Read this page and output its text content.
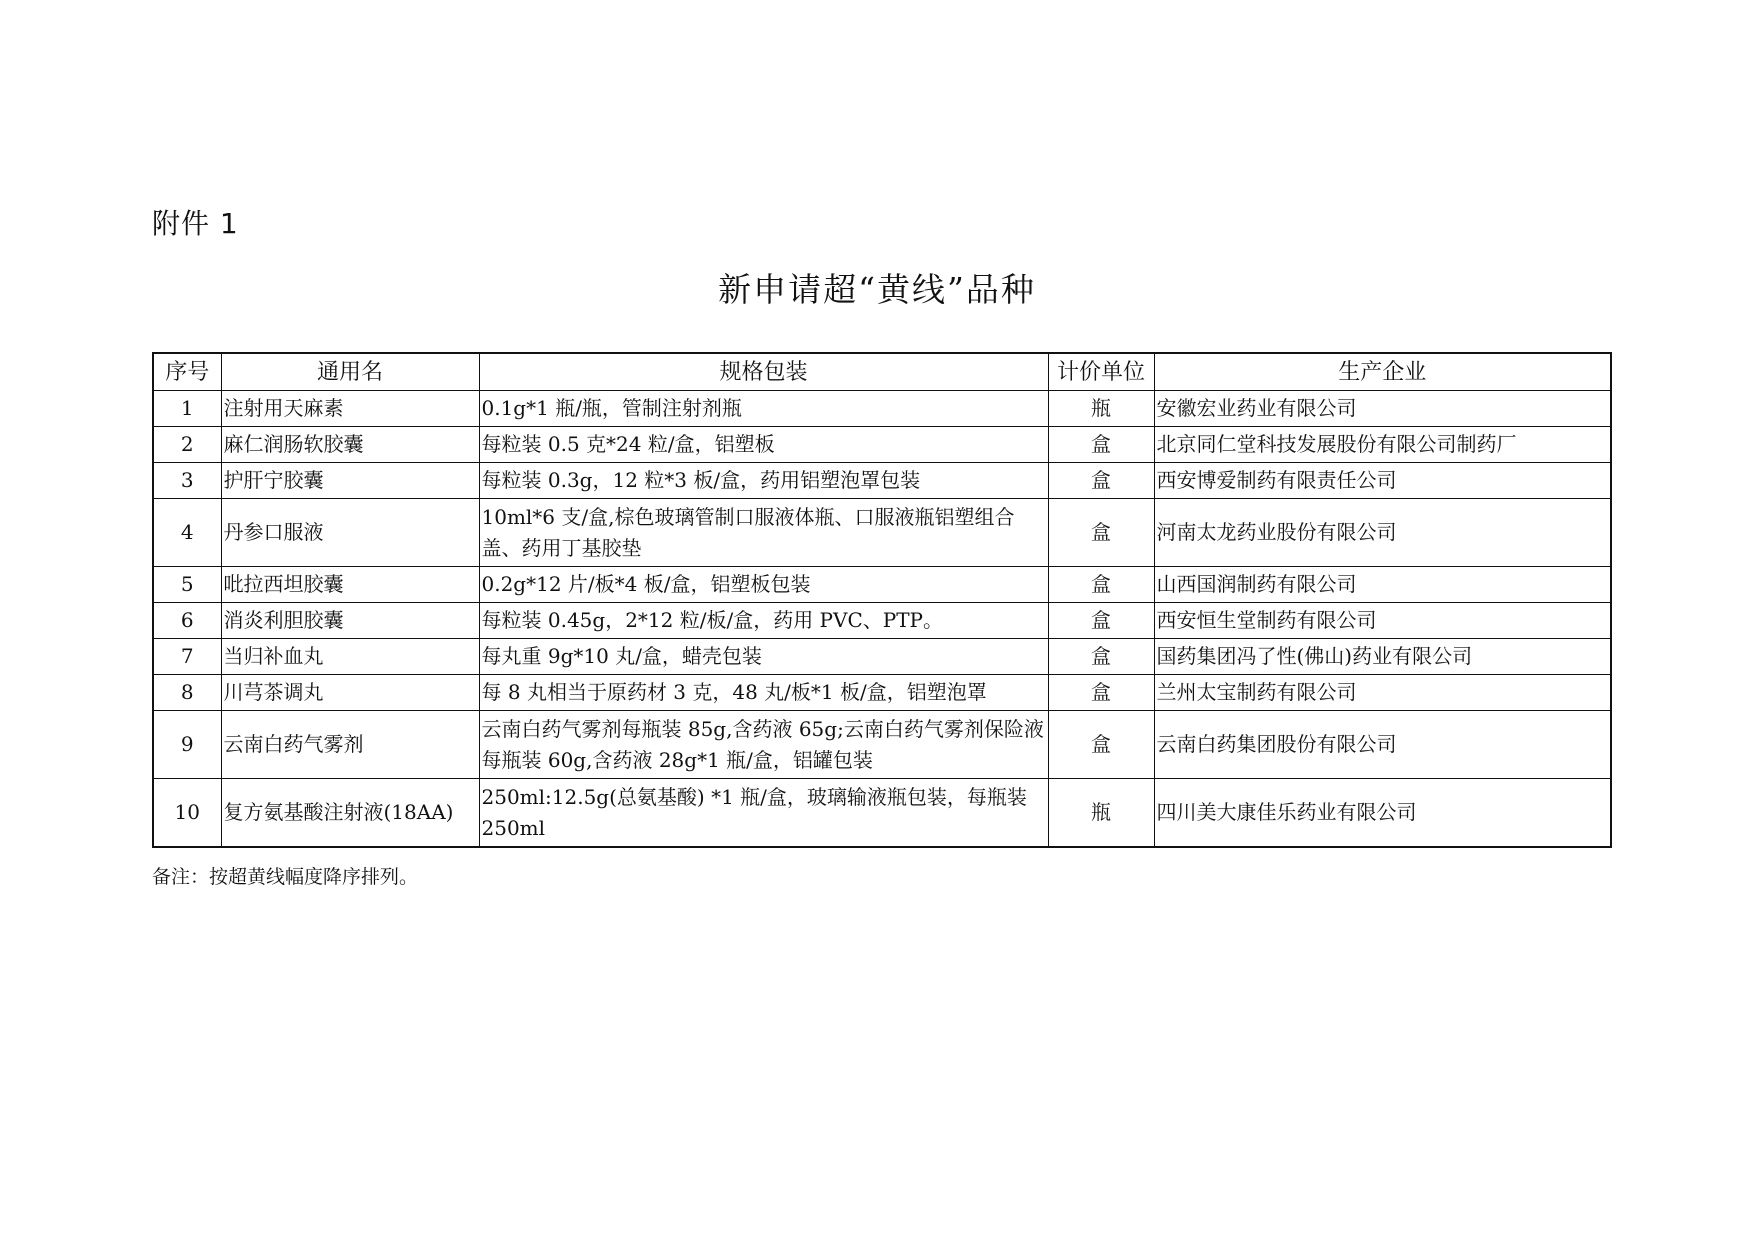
附件 1
新申请超“黄线”品种
序号	通用名	规格包装	计价单位	生产企业
1	注射用天麻素	0.1g*1 瓶/瓶，管制注射剂瓶	瓶	安徽宏业药业有限公司
2	麻仁润肠软胶囊	每粒装 0.5 克*24 粒/盒，铝塑板	盒	北京同仁堂科技发展股份有限公司制药厂
3	护肝宁胶囊	每粒装 0.3g，12 粒*3 板/盒，药用铝塑泡罩包装	盒	西安博爱制药有限责任公司
4	丹参口服液	10ml*6 支/盒,棕色玻璃管制口服液体瓶、口服液瓶铝塑组合盖、药用丁基胶垫	盒	河南太龙药业股份有限公司
5	吡拉西坦胶囊	0.2g*12 片/板*4 板/盒，铝塑板包装	盒	山西国润制药有限公司
6	消炎利胆胶囊	每粒装 0.45g，2*12 粒/板/盒，药用 PVC、PTP。	盒	西安恒生堂制药有限公司
7	当归补血丸	每丸重 9g*10 丸/盒，蜡壳包装	盒	国药集团冯了性(佛山)药业有限公司
8	川芎茶调丸	每 8 丸相当于原药材 3 克，48 丸/板*1 板/盒，铝塑泡罩	盒	兰州太宝制药有限公司
9	云南白药气雾剂	云南白药气雾剂每瓶装 85g,含药液 65g;云南白药气雾剂保险液每瓶装 60g,含药液 28g*1 瓶/盒，铝罐包装	盒	云南白药集团股份有限公司
10	复方氨基酸注射液(18AA)	250ml:12.5g(总氨基酸) *1 瓶/盒，玻璃输液瓶包装，每瓶装 250ml	瓶	四川美大康佳乐药业有限公司
备注：按超黄线幅度降序排列。
